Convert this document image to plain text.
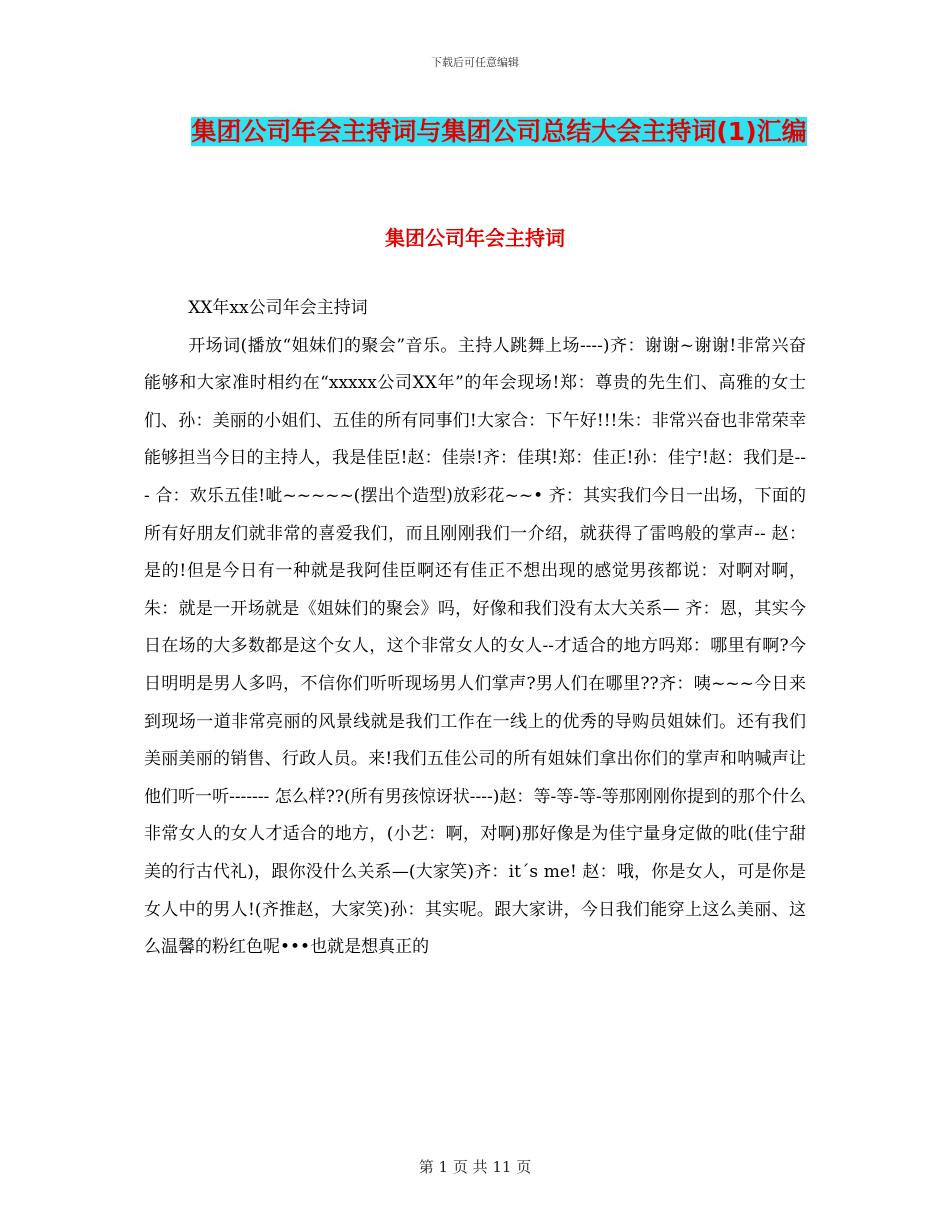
下载后可任意编辑
集团公司年会主持词与集团公司总结大会主持词(1)汇编
集团公司年会主持词

XX年xx公司年会主持词

开场词(播放“姐妹们的聚会”音乐。主持人跳舞上场----)齐：谢谢~谢谢!非常兴奋能够和大家准时相约在“xxxxx公司XX年”的年会现场!郑：尊贵的先生们、高雅的女士们、孙：美丽的小姐们、五佳的所有同事们!大家合：下午好!!!朱：非常兴奋也非常荣幸能够担当今日的主持人，我是佳臣!赵：佳崇!齐：佳琪!郑：佳正!孙：佳宁!赵：我们是--- 合：欢乐五佳!呲~~~~~(摆出个造型)放彩花~~• 齐：其实我们今日一出场，下面的所有好朋友们就非常的喜爱我们，而且刚刚我们一介绍，就获得了雷鸣般的掌声-- 赵：是的!但是今日有一种就是我阿佳臣啊还有佳正不想出现的感觉男孩都说：对啊对啊，朱：就是一开场就是《姐妹们的聚会》吗，好像和我们没有太大关系— 齐：恩，其实今日在场的大多数都是这个女人，这个非常女人的女人--才适合的地方吗郑：哪里有啊?今日明明是男人多吗，不信你们听听现场男人们掌声?男人们在哪里??齐：咦~~~今日来到现场一道非常亮丽的风景线就是我们工作在一线上的优秀的导购员姐妹们。还有我们美丽美丽的销售、行政人员。来!我们五佳公司的所有姐妹们拿出你们的掌声和呐喊声让他们听一听------- 怎么样??(所有男孩惊讶状----)赵：等-等-等-等那刚刚你提到的那个什么非常女人的女人才适合的地方，(小艺：啊，对啊)那好像是为佳宁量身定做的吡(佳宁甜美的行古代礼)，跟你没什么关系—(大家笑)齐：it´s me! 赵：哦，你是女人，可是你是女人中的男人!(齐推赵，大家笑)孙：其实呢。跟大家讲，今日我们能穿上这么美丽、这么温馨的粉红色呢•••也就是想真正的

第 1 页 共 11 页
